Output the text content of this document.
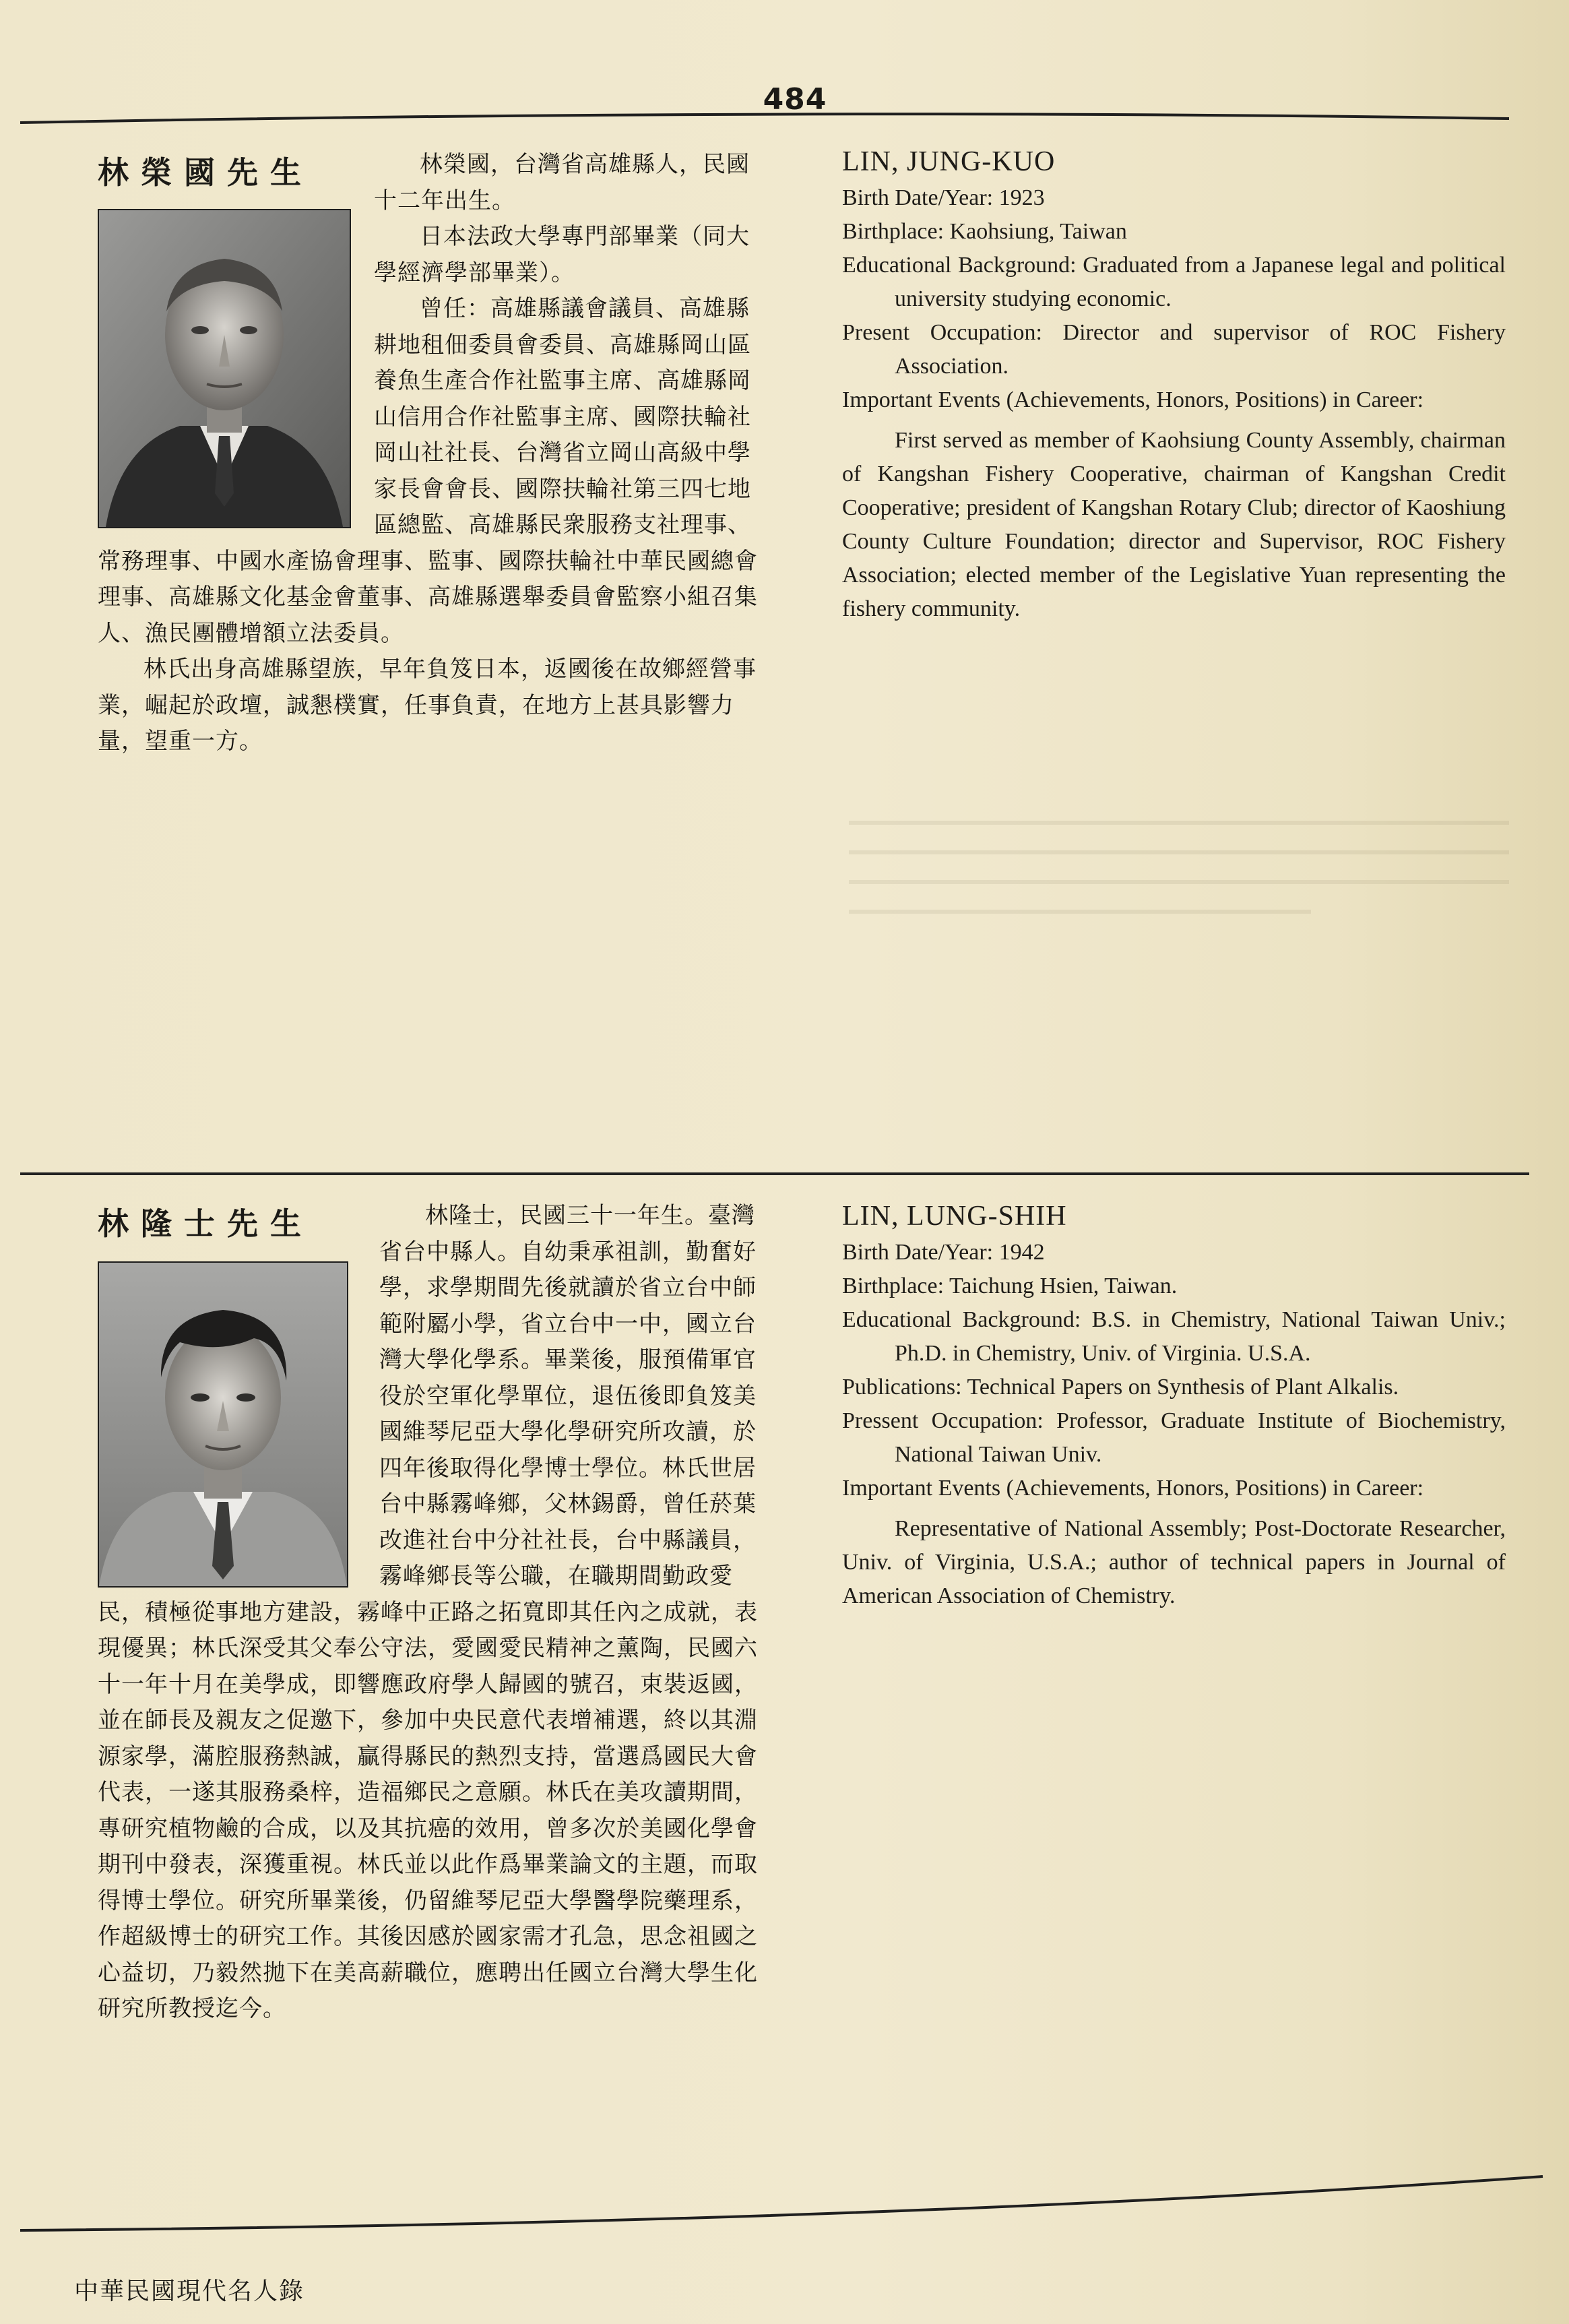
484
林榮國先生	林榮國，台灣省高雄縣人，民國十二年出生。

日本法政大學專門部畢業（同大學經濟學部畢業）。

曾任：高雄縣議會議員、高雄縣耕地租佃委員會委員、高雄縣岡山區養魚生產合作社監事主席、高雄縣岡山信用合作社監事主席、國際扶輪社岡山社社長、台灣省立岡山高級中學家長會會長、國際扶輪社第三四七地區總監、高雄縣民衆服務支社理事、常務理事、中國水產協會理事、監事、國際扶輪社中華民國總會理事、高雄縣文化基金會董事、高雄縣選舉委員會監察小組召集人、漁民團體增額立法委員。

林氏出身高雄縣望族，早年負笈日本，返國後在故鄉經營事業，崛起於政壇，誠懇樸實，任事負責，在地方上甚具影響力量，望重一方。

LIN, JUNG-KUO

Birth Date/Year: 1923

Birthplace: Kaohsiung, Taiwan

Educational Background: Graduated from a Japanese legal and political university studying economic.

Present Occupation: Director and supervisor of ROC Fishery Association.

Important Events (Achievements, Honors, Positions) in Career:

First served as member of Kaohsiung County Assembly, chairman of Kangshan Fishery Cooperative, chairman of Kangshan Credit Cooperative; president of Kangshan Rotary Club; director of Kaoshiung County Culture Foundation; director and Supervisor, ROC Fishery Association; elected member of the Legislative Yuan representing the fishery community.

林隆士先生	林隆士，民國三十一年生。臺灣省台中縣人。自幼秉承祖訓，勤奮好學，求學期間先後就讀於省立台中師範附屬小學，省立台中一中，國立台灣大學化學系。畢業後，服預備軍官役於空軍化學單位，退伍後即負笈美國維琴尼亞大學化學研究所攻讀，於四年後取得化學博士學位。林氏世居台中縣霧峰鄉，父林錫爵，曾任菸葉改進社台中分社社長，台中縣議員，霧峰鄉長等公職，在職期間勤政愛民，積極從事地方建設，霧峰中正路之拓寬即其任內之成就，表現優異；林氏深受其父奉公守法，愛國愛民精神之薰陶，民國六十一年十月在美學成，即響應政府學人歸國的號召，束裝返國，並在師長及親友之促邀下，參加中央民意代表增補選，終以其淵源家學，滿腔服務熱誠，贏得縣民的熱烈支持，當選爲國民大會代表，一遂其服務桑梓，造福鄉民之意願。林氏在美攻讀期間，專研究植物鹼的合成，以及其抗癌的效用，曾多次於美國化學會期刊中發表，深獲重視。林氏並以此作爲畢業論文的主題，而取得博士學位。研究所畢業後，仍留維琴尼亞大學醫學院藥理系，作超級博士的研究工作。其後因感於國家需才孔急，思念祖國之心益切，乃毅然拋下在美高薪職位，應聘出任國立台灣大學生化研究所教授迄今。

LIN, LUNG-SHIH

Birth Date/Year: 1942

Birthplace: Taichung Hsien, Taiwan.

Educational Background: B.S. in Chemistry, National Taiwan Univ.; Ph.D. in Chemistry, Univ. of Virginia. U.S.A.

Publications: Technical Papers on Synthesis of Plant Alkalis.

Pressent Occupation: Professor, Graduate Institute of Biochemistry, National Taiwan Univ.

Important Events (Achievements, Honors, Positions) in Career:

Representative of National Assembly; Post-Doctorate Researcher, Univ. of Virginia, U.S.A.; author of technical papers in Journal of American Association of Chemistry.

中華民國現代名人錄
